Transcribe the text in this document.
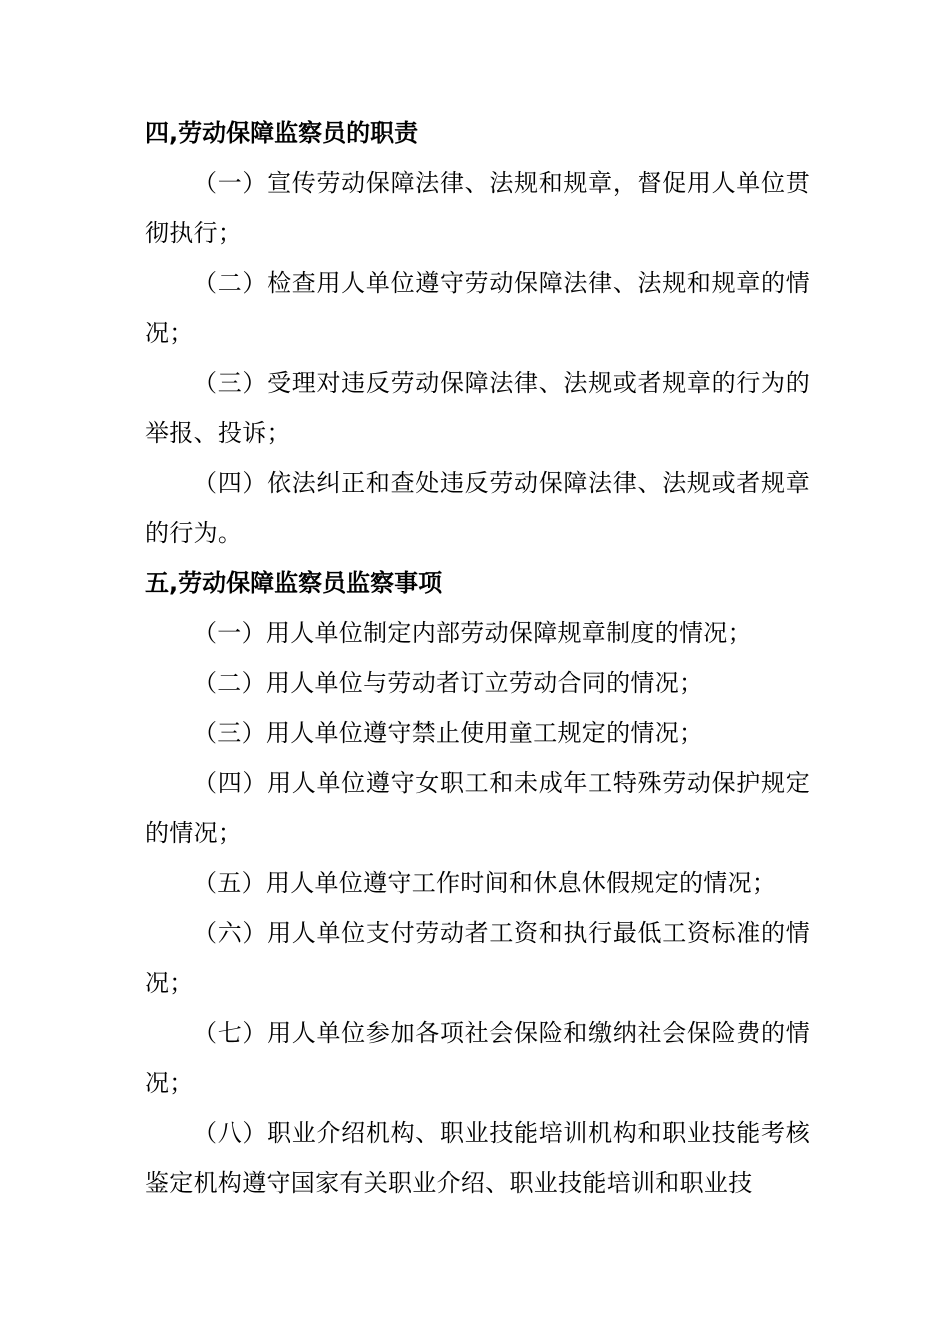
四,劳动保障监察员的职责

（一）宣传劳动保障法律、法规和规章，督促用人单位贯彻执行；

（二）检查用人单位遵守劳动保障法律、法规和规章的情况；

（三）受理对违反劳动保障法律、法规或者规章的行为的举报、投诉；

（四）依法纠正和查处违反劳动保障法律、法规或者规章的行为。

五,劳动保障监察员监察事项

（一）用人单位制定内部劳动保障规章制度的情况；

（二）用人单位与劳动者订立劳动合同的情况；

（三）用人单位遵守禁止使用童工规定的情况；

（四）用人单位遵守女职工和未成年工特殊劳动保护规定的情况；

（五）用人单位遵守工作时间和休息休假规定的情况；

（六）用人单位支付劳动者工资和执行最低工资标准的情况；

（七）用人单位参加各项社会保险和缴纳社会保险费的情况；

（八）职业介绍机构、职业技能培训机构和职业技能考核鉴定机构遵守国家有关职业介绍、职业技能培训和职业技
